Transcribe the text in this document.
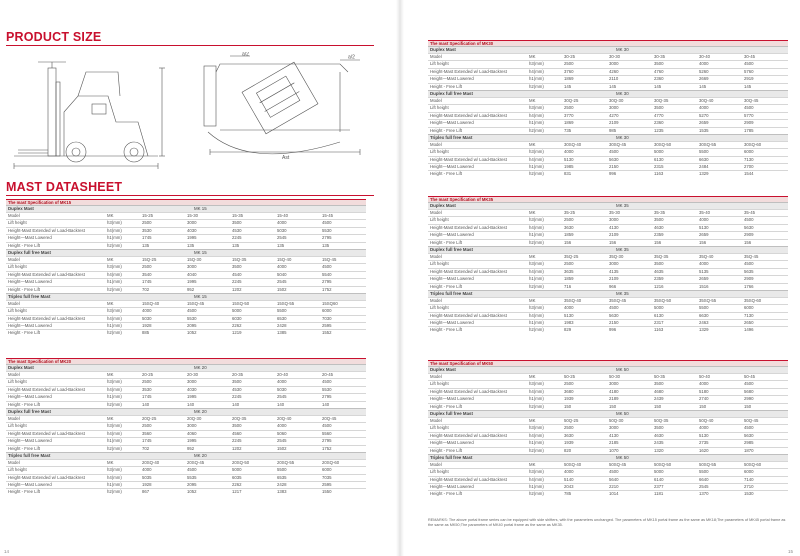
PRODUCT SIZE
a/2	a/2
Ast
MAST DATASHEET
The mast Specification of MK15
Duplex Mast	MK 15
Model	MK	15-25	15-30	15-35	15-40	15-45
Lift height	h3(mm)	2500	3000	3500	4000	4500
Height-Mast Extended w/ Load-Backrest	h4(mm)	3530	4030	4530	5030	5530
Height—Mast Lowered	h1(mm)	1745	1995	2245	2545	2795
Height - Free Lift	h2(mm)	135	135	135	135	135
Duplex full free Mast	MK 15
Model	MK	15Q-25	15Q-30	15Q-35	15Q-40	15Q-45
Lift height	h3(mm)	2500	3000	3500	4000	4500
Height-Mast Extended w/ Load-Backrest	h4(mm)	3540	4040	4540	5040	5540
Height—Mast Lowered	h1(mm)	1745	1995	2245	2545	2795
Height - Free Lift	h2(mm)	702	952	1202	1502	1752
Triplex full free Mast	MK 15
Model	MK	15SQ-40	15SQ-45	15SQ-50	15SQ-55	15SQ60
Lift height	h3(mm)	4000	4500	5000	5500	6000
Height-Mast Extended w/ Load-Backrest	h4(mm)	5030	5530	6030	6530	7030
Height—Mast Lowered	h1(mm)	1928	2095	2262	2428	2595
Height - Free Lift	h2(mm)	885	1052	1219	1385	1552
The mast Specification of MK20
Duplex Mast	MK 20
Model	MK	20-25	20-30	20-35	20-40	20-45
Lift height	h3(mm)	2500	3000	3500	4000	4500
Height-Mast Extended w/ Load-Backrest	h4(mm)	3530	4030	4530	5030	5530
Height—Mast Lowered	h1(mm)	1745	1995	2245	2545	2795
Height - Free Lift	h2(mm)	140	140	140	140	140
Duplex full free Mast	MK 20
Model	MK	20Q-25	20Q-30	20Q-35	20Q-40	20Q-45
Lift height	h3(mm)	2500	3000	3500	4000	4500
Height-Mast Extended w/ Load-Backrest	h4(mm)	3560	4060	4560	5060	5560
Height—Mast Lowered	h1(mm)	1745	1995	2245	2545	2795
Height - Free Lift	h2(mm)	702	952	1202	1502	1752
Triplex full free Mast	MK 20
Model	MK	20SQ-40	20SQ-45	20SQ-50	20SQ-55	20SQ-60
Lift height	h3(mm)	4000	4500	5000	5500	6000
Height-Mast Extended w/ Load-Backrest	h4(mm)	5035	5535	6035	6535	7035
Height—Mast Lowered	h1(mm)	1928	2095	2262	2428	2595
Height - Free Lift	h2(mm)	867	1052	1217	1383	1550
The mast Specification of MK30
Duplex Mast	MK 30
Model	MK	30-25	30-30	30-35	30-40	30-45
Lift height	h3(mm)	2500	3000	3500	4000	4500
Height-Mast Extended w/ Load-Backrest	h4(mm)	3760	4260	4760	5260	5760
Height—Mast Lowered	h1(mm)	1869	2110	2360	2669	2919
Height - Free Lift	h2(mm)	145	145	145	145	145
Duplex full free Mast	MK 30
Model	MK	30Q-25	30Q-30	30Q-35	30Q-40	30Q-45
Lift height	h3(mm)	2500	3000	3500	4000	4500
Height-Mast Extended w/ Load-Backrest	h4(mm)	3770	4270	4770	5270	5770
Height—Mast Lowered	h1(mm)	1869	2109	2360	2659	2909
Height - Free Lift	h2(mm)	735	985	1235	1535	1785
Triplex full free Mast	MK 30
Model	MK	30SQ-40	30SQ-45	30SQ-50	30SQ-55	30SQ-60
Lift height	h3(mm)	4000	4500	5000	5500	6000
Height-Mast Extended w/ Load-Backrest	h4(mm)	5130	5630	6130	6630	7130
Height—Mast Lowered	h1(mm)	1985	2150	2315	2484	2700
Height - Free Lift	h2(mm)	831	996	1163	1329	1544
The mast Specification of MK35
Duplex Mast	MK 35
Model	MK	35-25	35-30	35-35	35-40	35-45
Lift height	h3(mm)	2500	3000	3500	4000	4500
Height-Mast Extended w/ Load-Backrest	h4(mm)	3630	4130	4630	5130	5630
Height—Mast Lowered	h1(mm)	1859	2109	2359	2659	2909
Height - Free Lift	h2(mm)	156	156	156	156	156
Duplex full free Mast	MK 35
Model	MK	35Q-25	35Q-30	35Q-35	35Q-40	35Q-45
Lift height	h3(mm)	2500	3000	3500	4000	4500
Height-Mast Extended w/ Load-Backrest	h4(mm)	3635	4135	4635	5135	5635
Height—Mast Lowered	h1(mm)	1859	2109	2359	2659	2909
Height - Free Lift	h2(mm)	716	966	1216	1516	1766
Triplex full free Mast	MK 35
Model	MK	35SQ-40	35SQ-45	35SQ-50	35SQ-55	35SQ-60
Lift height	h3(mm)	4000	4500	5000	5500	6000
Height-Mast Extended w/ Load-Backrest	h4(mm)	5130	5630	6130	6630	7130
Height—Mast Lowered	h1(mm)	1983	2150	2317	2463	2650
Height - Free Lift	h2(mm)	829	996	1163	1329	1496
The mast Specification of MK50
Duplex Mast	MK 50
Model	MK	50-25	50-30	50-35	50-40	50-45
Lift height	h3(mm)	2500	3000	3500	4000	4500
Height-Mast Extended w/ Load-Backrest	h4(mm)	3680	4180	4680	5180	5680
Height—Mast Lowered	h1(mm)	1939	2189	2439	2740	2990
Height - Free Lift	h2(mm)	150	150	150	150	150
Duplex full free Mast	MK 50
Model	MK	50Q-25	50Q-30	50Q-35	50Q-40	50Q-45
Lift height	h3(mm)	2500	3000	3500	4000	4500
Height-Mast Extended w/ Load-Backrest	h4(mm)	3630	4130	4630	5130	5630
Height—Mast Lowered	h1(mm)	1939	2185	2435	2735	2985
Height - Free Lift	h2(mm)	820	1070	1320	1620	1870
Triplex full free Mast	MK 50
Model	MK	50SQ-40	50SQ-45	50SQ-50	50SQ-55	50SQ-60
Lift height	h3(mm)	4000	4500	5000	5500	6000
Height-Mast Extended w/ Load-Backrest	h4(mm)	5140	5640	6140	6640	7140
Height—Mast Lowered	h1(mm)	2043	2210	2377	2545	2710
Height - Free Lift	h2(mm)	785	1014	1181	1370	1530
REMARKS: The above portal frame series can be equipped with side shifters, with the parameters unchanged. The parameters of MK15 portal frame as the same as MK18;The parameters of MK45 portal frame as the same as MK50;The parameters of MK40 portal frame as the same as MK35.
14	15
